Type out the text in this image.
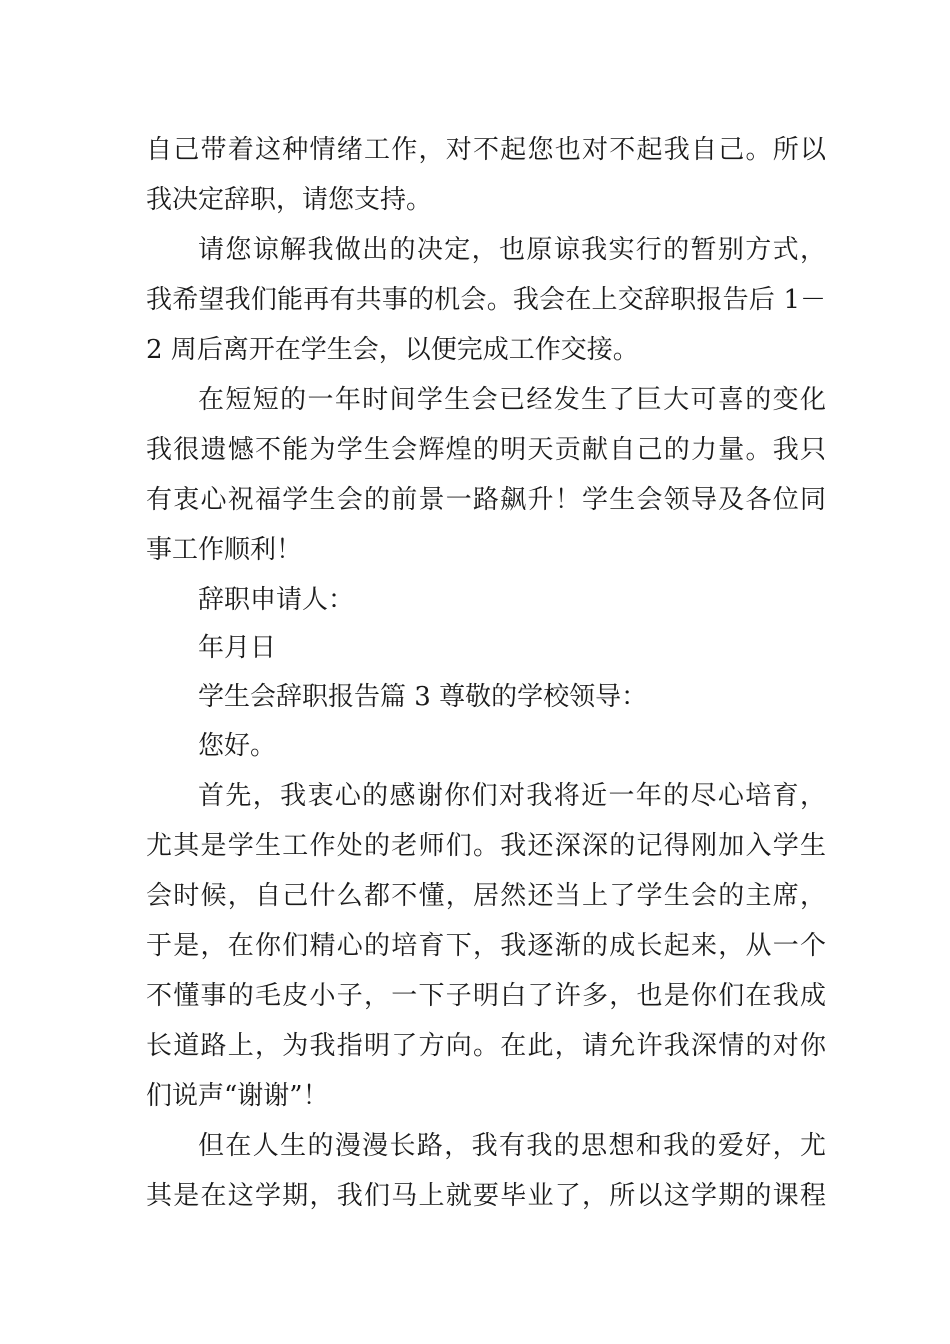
自己带着这种情绪工作，对不起您也对不起我自己。所以
我决定辞职，请您支持。
请您谅解我做出的决定，也原谅我实行的暂别方式，
我希望我们能再有共事的机会。我会在上交辞职报告后 1－
2 周后离开在学生会，以便完成工作交接。
在短短的一年时间学生会已经发生了巨大可喜的变化
我很遗憾不能为学生会辉煌的明天贡献自己的力量。我只
有衷心祝福学生会的前景一路飙升！学生会领导及各位同
事工作顺利！
辞职申请人：
年月日
学生会辞职报告篇 3 尊敬的学校领导：
您好。
首先，我衷心的感谢你们对我将近一年的尽心培育，
尤其是学生工作处的老师们。我还深深的记得刚加入学生
会时候，自己什么都不懂，居然还当上了学生会的主席，
于是，在你们精心的培育下，我逐渐的成长起来，从一个
不懂事的毛皮小子，一下子明白了许多，也是你们在我成
长道路上，为我指明了方向。在此，请允许我深情的对你
们说声“谢谢”！
但在人生的漫漫长路，我有我的思想和我的爱好，尤
其是在这学期，我们马上就要毕业了，所以这学期的课程
